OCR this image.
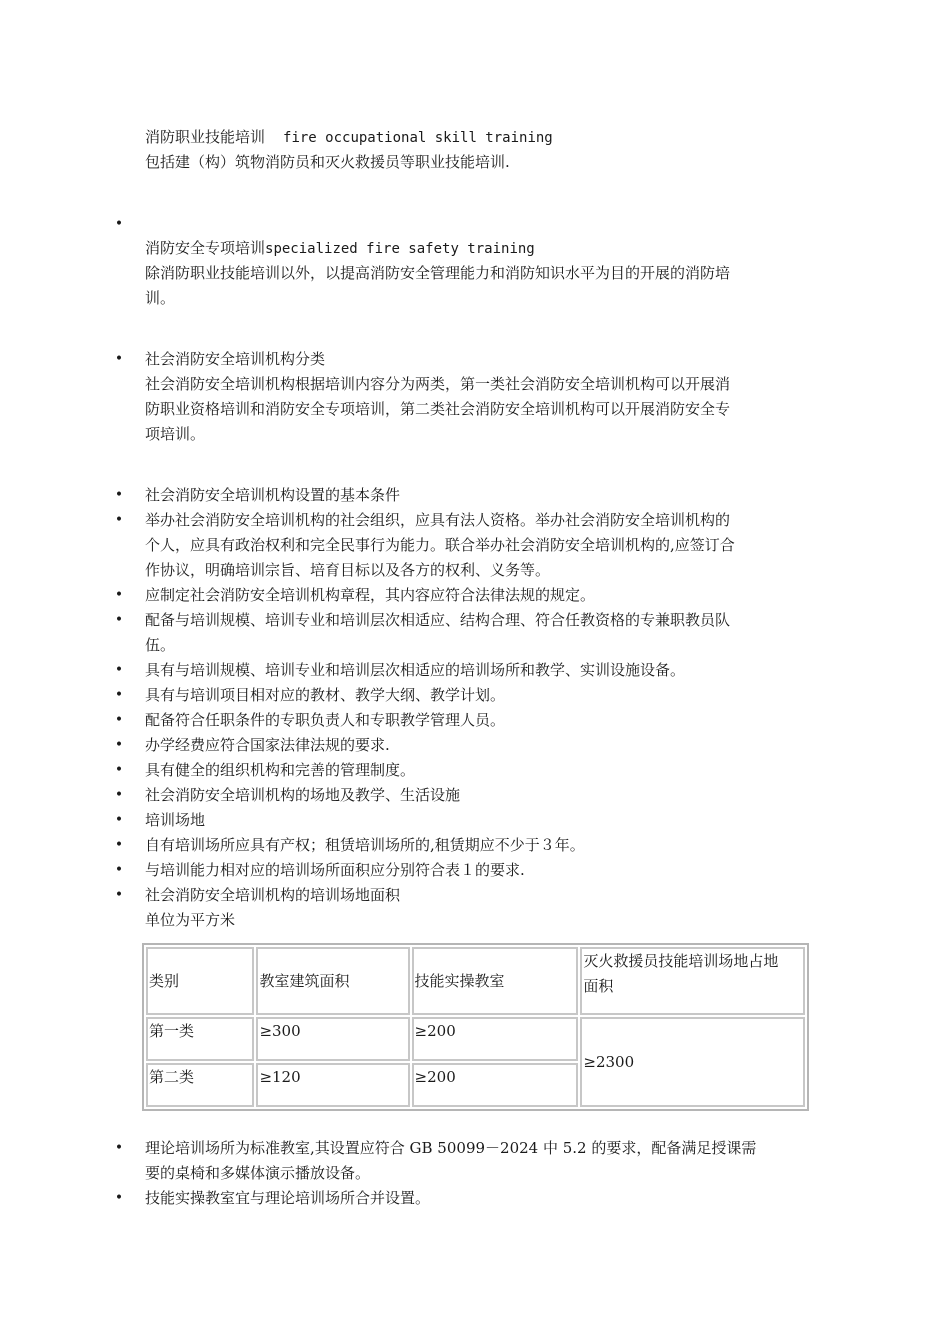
消防职业技能培训 fire occupational skill training
包括建（构）筑物消防员和灭火救援员等职业技能培训.
•
消防安全专项培训specialized fire safety training
除消防职业技能培训以外，以提高消防安全管理能力和消防知识水平为目的开展的消防培
训。
•
社会消防安全培训机构分类
社会消防安全培训机构根据培训内容分为两类，第一类社会消防安全培训机构可以开展消
防职业资格培训和消防安全专项培训，第二类社会消防安全培训机构可以开展消防安全专
项培训。
•
社会消防安全培训机构设置的基本条件
•
举办社会消防安全培训机构的社会组织，应具有法人资格。举办社会消防安全培训机构的
个人，应具有政治权利和完全民事行为能力。联合举办社会消防安全培训机构的,应签订合
作协议，明确培训宗旨、培育目标以及各方的权利、义务等。
•
应制定社会消防安全培训机构章程，其内容应符合法律法规的规定。
•
配备与培训规模、培训专业和培训层次相适应、结构合理、符合任教资格的专兼职教员队
伍。
•
具有与培训规模、培训专业和培训层次相适应的培训场所和教学、实训设施设备。
•
具有与培训项目相对应的教材、教学大纲、教学计划。
•
配备符合任职条件的专职负责人和专职教学管理人员。
•
办学经费应符合国家法律法规的要求.
•
具有健全的组织机构和完善的管理制度。
•
社会消防安全培训机构的场地及教学、生活设施
•
培训场地
•
自有培训场所应具有产权；租赁培训场所的,租赁期应不少于３年。
•
与培训能力相对应的培训场所面积应分别符合表１的要求.
•
社会消防安全培训机构的培训场地面积
单位为平方米
类别	教室建筑面积	技能实操教室	灭火救援员技能培训场地占地
面积

第一类	≥300	≥200	≥2300
第二类	≥120	≥200	
•
理论培训场所为标准教室,其设置应符合 GB 50099－2024 中 5.2 的要求，配备满足授课需
要的桌椅和多媒体演示播放设备。
•
技能实操教室宜与理论培训场所合并设置。
